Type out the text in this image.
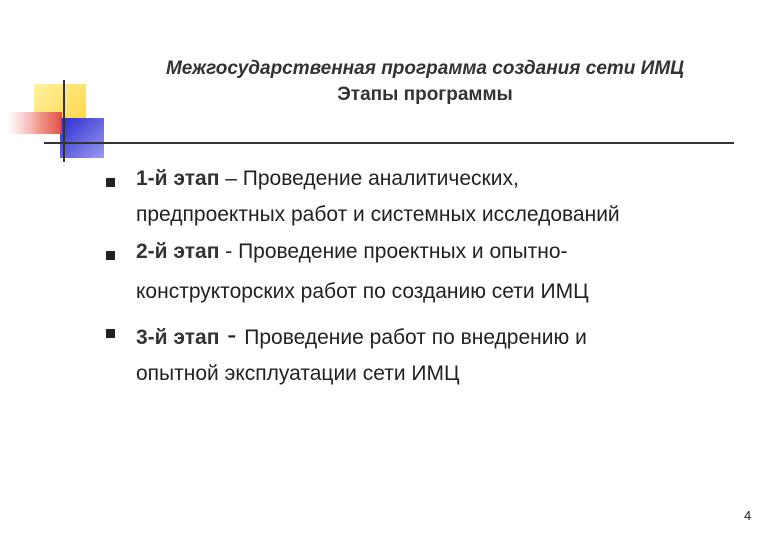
Межгосударственная программа создания сети ИМЦ
Этапы программы
1-й этап – Проведение аналитических,
предпроектных работ и системных исследований
2-й этап - Проведение проектных и опытно-
конструкторских работ по созданию сети ИМЦ
3-й этап - Проведение работ по внедрению и
опытной эксплуатации сети ИМЦ
4
